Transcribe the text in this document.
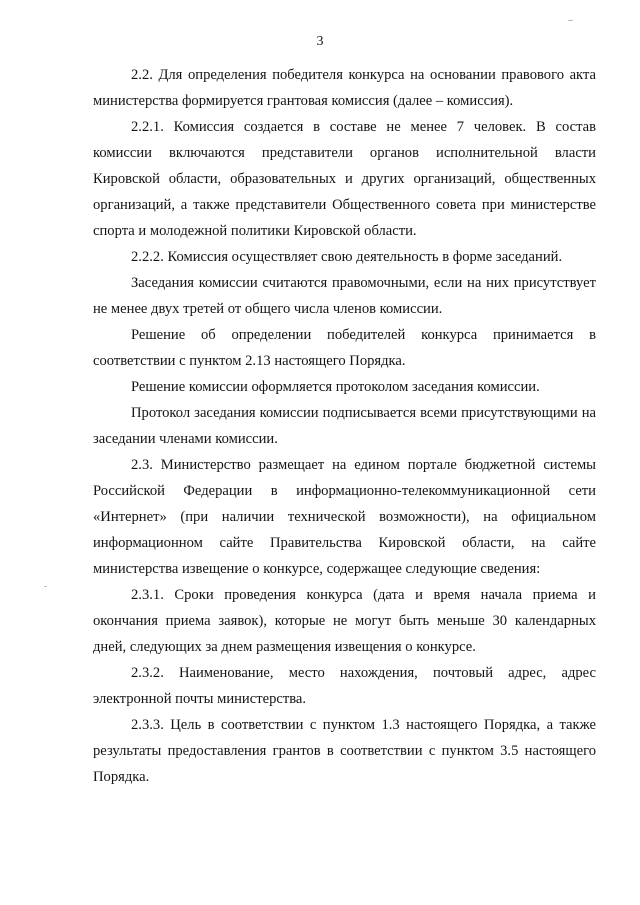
3

2.2. Для определения победителя конкурса на основании правового акта министерства формируется грантовая комиссия (далее – комиссия).

2.2.1. Комиссия создается в составе не менее 7 человек. В состав комиссии включаются представители органов исполнительной власти Кировской области, образовательных и других организаций, общественных организаций, а также представители Общественного совета при министерстве спорта и молодежной политики Кировской области.

2.2.2. Комиссия осуществляет свою деятельность в форме заседаний.

Заседания комиссии считаются правомочными, если на них присутствует не менее двух третей от общего числа членов комиссии.

Решение об определении победителей конкурса принимается в соответствии с пунктом 2.13 настоящего Порядка.

Решение комиссии оформляется протоколом заседания комиссии.

Протокол заседания комиссии подписывается всеми присутствующими на заседании членами комиссии.

2.3. Министерство размещает на едином портале бюджетной системы Российской Федерации в информационно-телекоммуникационной сети «Интернет» (при наличии технической возможности), на официальном информационном сайте Правительства Кировской области, на сайте министерства извещение о конкурсе, содержащее следующие сведения:

2.3.1. Сроки проведения конкурса (дата и время начала приема и окончания приема заявок), которые не могут быть меньше 30 календарных дней, следующих за днем размещения извещения о конкурсе.

2.3.2. Наименование, место нахождения, почтовый адрес, адрес электронной почты министерства.

2.3.3. Цель в соответствии с пунктом 1.3 настоящего Порядка, а также результаты предоставления грантов в соответствии с пунктом 3.5 настоящего Порядка.
